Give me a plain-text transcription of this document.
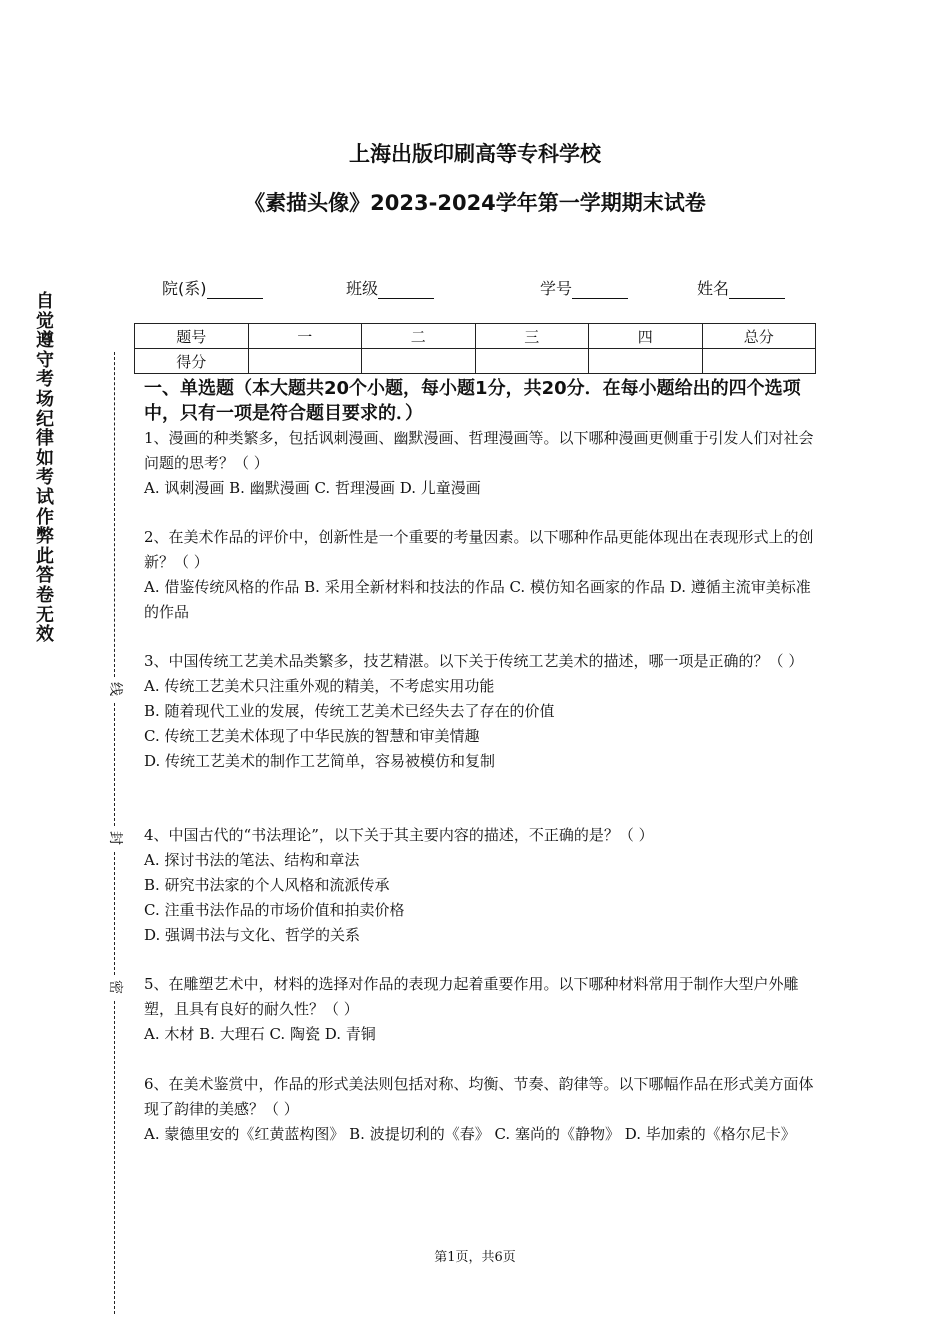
上海出版印刷高等专科学校
《素描头像》2023-2024学年第一学期期末试卷
自
觉
遵
守
考
场
纪
律
如
考
试
作
弊
此
答
卷
无
效
线
封
密
院(系)	班级	学号	姓名
题号	一	二	三	四	总分
得分					
一、单选题（本大题共20个小题，每小题1分，共20分．在每小题给出的四个选项中，只有一项是符合题目要求的．）

1、漫画的种类繁多，包括讽刺漫画、幽默漫画、哲理漫画等。以下哪种漫画更侧重于引发人们对社会问题的思考？（ ）

A. 讽刺漫画 B. 幽默漫画 C. 哲理漫画 D. 儿童漫画

2、在美术作品的评价中，创新性是一个重要的考量因素。以下哪种作品更能体现出在表现形式上的创新？（ ）

A. 借鉴传统风格的作品 B. 采用全新材料和技法的作品 C. 模仿知名画家的作品 D. 遵循主流审美标准的作品

3、中国传统工艺美术品类繁多，技艺精湛。以下关于传统工艺美术的描述，哪一项是正确的？（ ）

A. 传统工艺美术只注重外观的精美，不考虑实用功能

B. 随着现代工业的发展，传统工艺美术已经失去了存在的价值

C. 传统工艺美术体现了中华民族的智慧和审美情趣

D. 传统工艺美术的制作工艺简单，容易被模仿和复制

4、中国古代的“书法理论”，以下关于其主要内容的描述，不正确的是？（ ）

A. 探讨书法的笔法、结构和章法

B. 研究书法家的个人风格和流派传承

C. 注重书法作品的市场价值和拍卖价格

D. 强调书法与文化、哲学的关系

5、在雕塑艺术中，材料的选择对作品的表现力起着重要作用。以下哪种材料常用于制作大型户外雕塑，且具有良好的耐久性？（ ）

A. 木材 B. 大理石 C. 陶瓷 D. 青铜

6、在美术鉴赏中，作品的形式美法则包括对称、均衡、节奏、韵律等。以下哪幅作品在形式美方面体现了韵律的美感？（ ）

A. 蒙德里安的《红黄蓝构图》 B. 波提切利的《春》 C. 塞尚的《静物》 D. 毕加索的《格尔尼卡》

第1页，共6页
